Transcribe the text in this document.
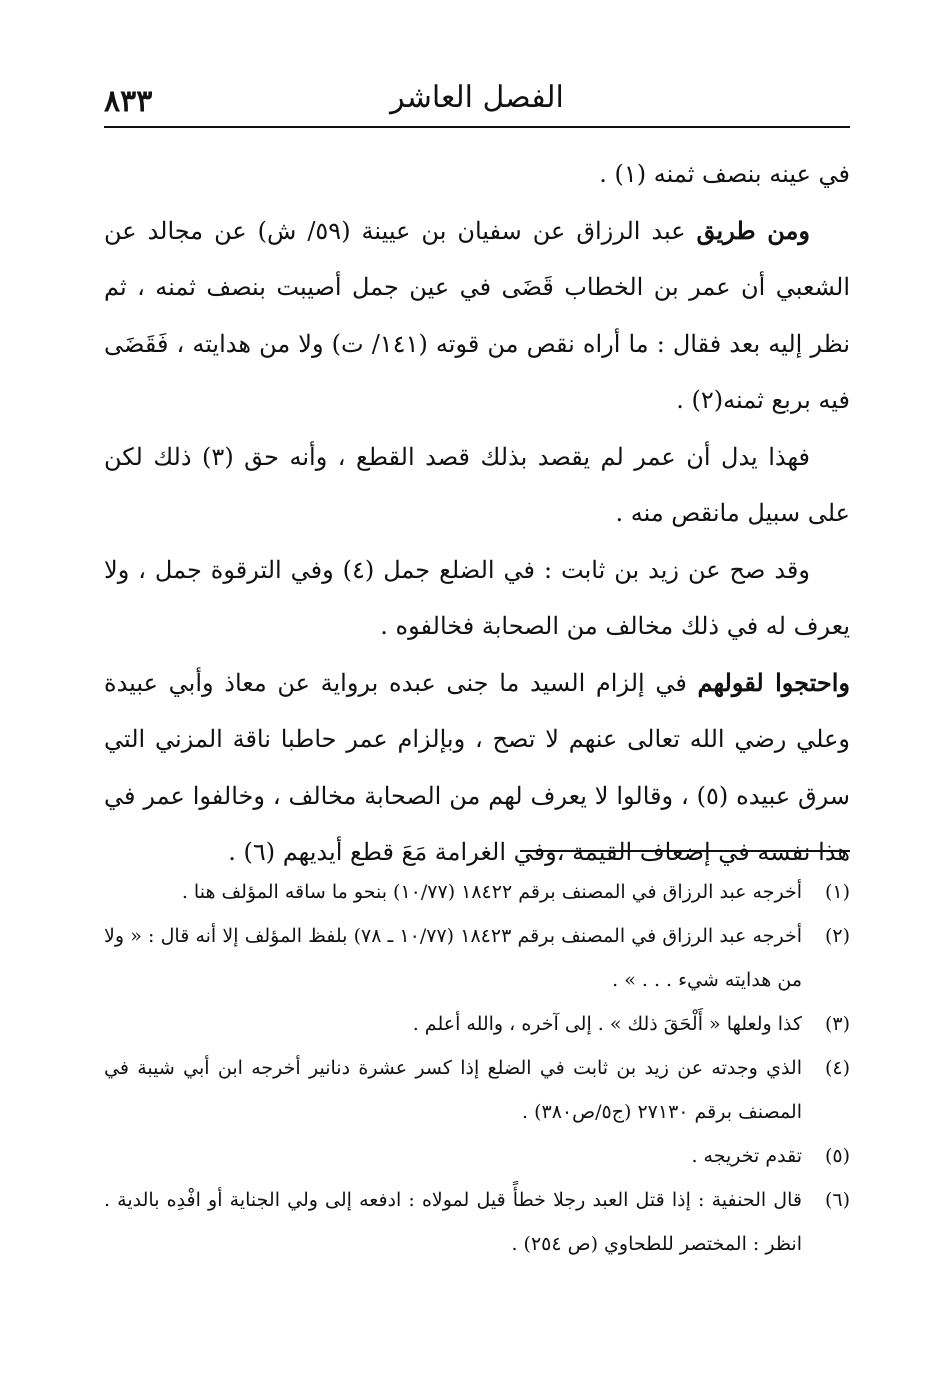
٨٣٣	الفصل العاشر

في عينه بنصف ثمنه (١) .

ومن طريق عبد الرزاق عن سفيان بن عيينة (٥٩/ ش) عن مجالد عن الشعبي أن عمر بن الخطاب قَضَى في عين جمل أصيبت بنصف ثمنه ، ثم نظر إليه بعد فقال : ما أراه نقص من قوته (١٤١/ ت) ولا من هدايته ، فَقَضَى فيه بربع ثمنه(٢) .

فهذا يدل أن عمر لم يقصد بذلك قصد القطع ، وأنه حق (٣) ذلك لكن على سبيل مانقص منه .

وقد صح عن زيد بن ثابت : في الضلع جمل (٤) وفي الترقوة جمل ، ولا يعرف له في ذلك مخالف من الصحابة فخالفوه .

واحتجوا لقولهم في إلزام السيد ما جنى عبده برواية عن معاذ وأبي عبيدة وعلي رضي الله تعالى عنهم لا تصح ، وبإلزام عمر حاطبا ناقة المزني التي سرق عبيده (٥) ، وقالوا لا يعرف لهم من الصحابة مخالف ، وخالفوا عمر في هذا نفسه في إضعاف القيمة ،وفي الغرامة مَعَ قطع أيديهم (٦) .

(١)
أخرجه عبد الرزاق في المصنف برقم ١٨٤٢٢ (١٠/٧٧) بنحو ما ساقه المؤلف هنا .
(٢)
أخرجه عبد الرزاق في المصنف برقم ١٨٤٢٣ (١٠/٧٧ ـ ٧٨) بلفظ المؤلف إلا أنه قال : « ولا من هدايته شيء . . . » .
(٣)
كذا ولعلها « أَلْحَقَ ذلك » . إلى آخره ، والله أعلم .
(٤)
الذي وجدته عن زيد بن ثابت في الضلع إذا كسر عشرة دنانير أخرجه ابن أبي شيبة في المصنف برقم ٢٧١٣٠ (ج٥/ص٣٨٠) .
(٥)
تقدم تخريجه .
(٦)
قال الحنفية : إذا قتل العبد رجلا خطأً قيل لمولاه : ادفعه إلى ولي الجناية أو افْدِه بالدية . انظر : المختصر للطحاوي (ص ٢٥٤) .
